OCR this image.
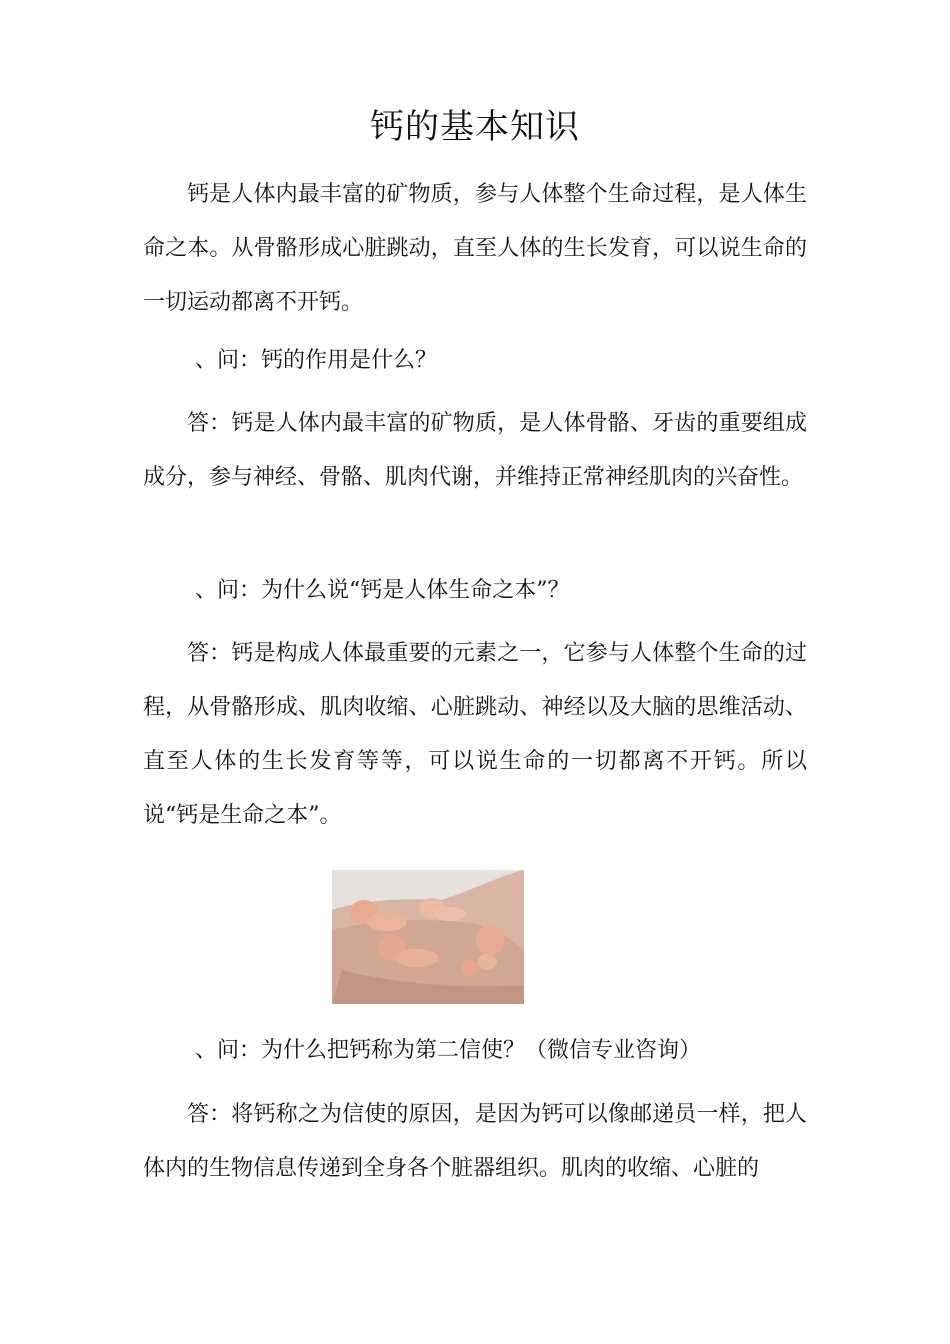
钙的基本知识

钙是人体内最丰富的矿物质，参与人体整个生命过程，是人体生命之本。从骨骼形成心脏跳动，直至人体的生长发育，可以说生命的一切运动都离不开钙。

、问：钙的作用是什么？

答：钙是人体内最丰富的矿物质，是人体骨骼、牙齿的重要组成成分，参与神经、骨骼、肌肉代谢，并维持正常神经肌肉的兴奋性。

、问：为什么说“钙是人体生命之本”？

答：钙是构成人体最重要的元素之一，它参与人体整个生命的过程，从骨骼形成、肌肉收缩、心脏跳动、神经以及大脑的思维活动、直至人体的生长发育等等，可以说生命的一切都离不开钙。所以说“钙是生命之本”。

、问：为什么把钙称为第二信使？（微信专业咨询）

答：将钙称之为信使的原因，是因为钙可以像邮递员一样，把人体内的生物信息传递到全身各个脏器组织。肌肉的收缩、心脏的
